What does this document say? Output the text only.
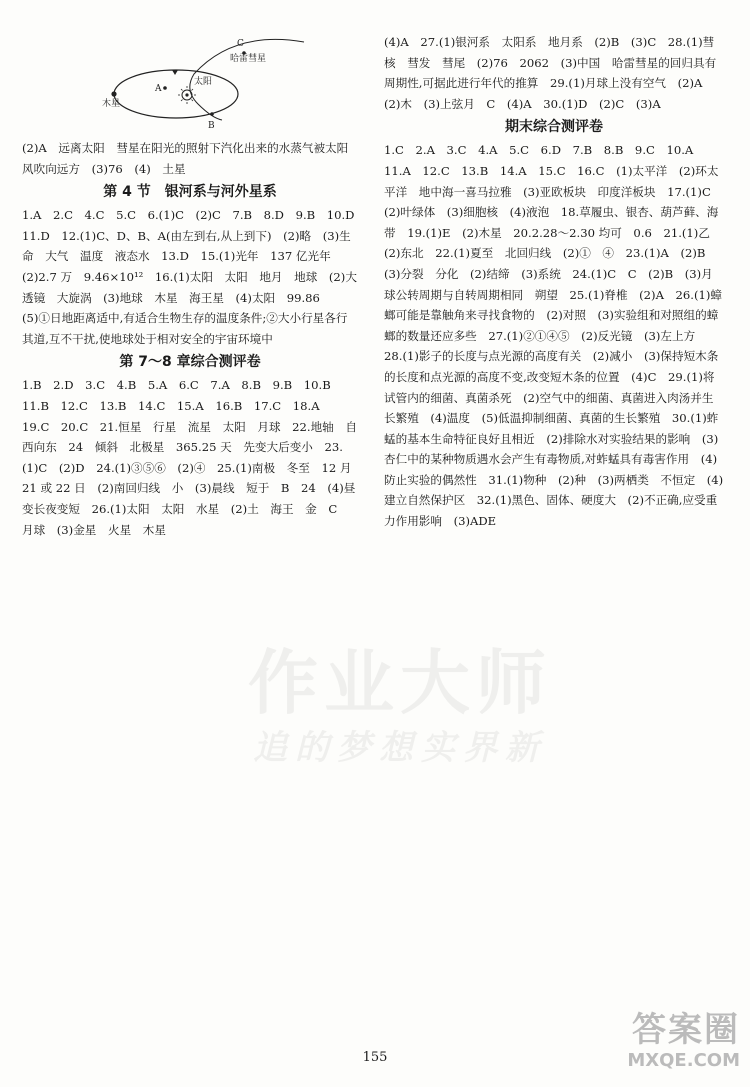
C
哈雷彗星
太阳
木星
A
B

(2)A　远离太阳　彗星在阳光的照射下汽化出来的水蒸气被太阳风吹向远方　(3)76　(4)　土星

第 4 节　银河系与河外星系

1.A　2.C　4.C　5.C　6.(1)C　(2)C　7.B　8.D　9.B　10.D　11.D　12.(1)C、D、B、A(由左到右,从上到下)　(2)略　(3)生命　大气　温度　液态水　13.D　15.(1)光年　137 亿光年　(2)2.7 万　9.46×10¹²　16.(1)太阳　太阳　地月　地球　(2)大透镜　大旋涡　(3)地球　木星　海王星　(4)太阳　99.86　(5)①日地距离适中,有适合生物生存的温度条件;②大小行星各行其道,互不干扰,使地球处于相对安全的宇宙环境中

第 7～8 章综合测评卷

1.B　2.D　3.C　4.B　5.A　6.C　7.A　8.B　9.B　10.B　11.B　12.C　13.B　14.C　15.A　16.B　17.C　18.A　19.C　20.C　21.恒星　行星　流星　太阳　月球　22.地轴　自西向东　24　倾斜　北极星　365.25 天　先变大后变小　23.(1)C　(2)D　24.(1)③⑤⑥　(2)④　25.(1)南极　冬至　12 月 21 或 22 日　(2)南回归线　小　(3)晨线　短于　B　24　(4)昼变长夜变短　26.(1)太阳　太阳　水星　(2)土　海王　金　C　月球　(3)金星　火星　木星

(4)A　27.(1)银河系　太阳系　地月系　(2)B　(3)C　28.(1)彗核　彗发　彗尾　(2)76　2062　(3)中国　哈雷彗星的回归具有周期性,可据此进行年代的推算　29.(1)月球上没有空气　(2)A　(2)木　(3)上弦月　C　(4)A　30.(1)D　(2)C　(3)A

期末综合测评卷

1.C　2.A　3.C　4.A　5.C　6.D　7.B　8.B　9.C　10.A　11.A　12.C　13.B　14.A　15.C　16.C　(1)太平洋　(2)环太平洋　地中海一喜马拉雅　(3)亚欧板块　印度洋板块　17.(1)C　(2)叶绿体　(3)细胞核　(4)液泡　18.草履虫、银杏、葫芦藓、海带　19.(1)E　(2)木星　20.2.28～2.30 均可　0.6　21.(1)乙　(2)东北　22.(1)夏至　北回归线　(2)①　④　23.(1)A　(2)B　(3)分裂　分化　(2)结缔　(3)系统　24.(1)C　C　(2)B　(3)月球公转周期与自转周期相同　朔望　25.(1)脊椎　(2)A　26.(1)蟑螂可能是靠触角来寻找食物的　(2)对照　(3)实验组和对照组的蟑螂的数量还应多些　27.(1)②①④⑤　(2)反光镜　(3)左上方　28.(1)影子的长度与点光源的高度有关　(2)减小　(3)保持短木条的长度和点光源的高度不变,改变短木条的位置　(4)C　29.(1)将试管内的细菌、真菌杀死　(2)空气中的细菌、真菌进入肉汤并生长繁殖　(4)温度　(5)低温抑制细菌、真菌的生长繁殖　30.(1)蚱蜢的基本生命特征良好且相近　(2)排除水对实验结果的影响　(3)杏仁中的某种物质遇水会产生有毒物质,对蚱蜢具有毒害作用　(4)防止实验的偶然性　31.(1)物种　(2)种　(3)两栖类　不恒定　(4)建立自然保护区　32.(1)黑色、固体、硬度大　(2)不正确,应受重力作用影响　(3)ADE

作业大师
追的梦想实界新
155
答案圈
MXQE.COM
